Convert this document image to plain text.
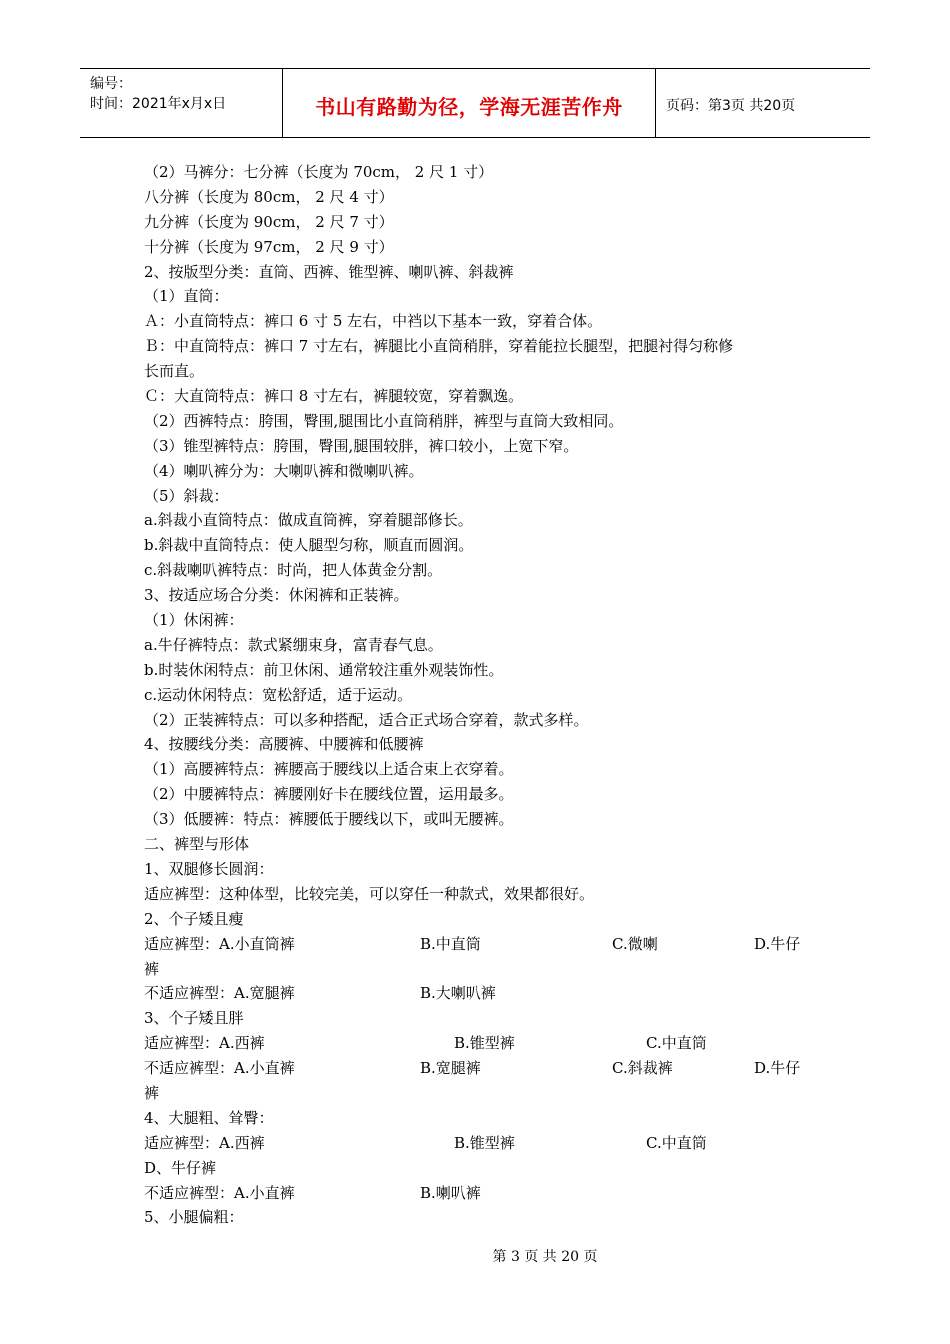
编号：
时间：2021年x月x日	书山有路勤为径，学海无涯苦作舟	页码：第3页 共20页
（2）马裤分：七分裤（长度为 70cm， 2 尺 1 寸）
八分裤（长度为 80cm， 2 尺 4 寸）
九分裤（长度为 90cm， 2 尺 7 寸）
十分裤（长度为 97cm， 2 尺 9 寸）
2、按版型分类：直筒、西裤、锥型裤、喇叭裤、斜裁裤
（1）直筒：
Ａ：小直筒特点：裤口 6 寸 5 左右，中裆以下基本一致，穿着合体。
Ｂ：中直筒特点：裤口 7 寸左右，裤腿比小直筒稍胖，穿着能拉长腿型，把腿衬得匀称修
长而直。
Ｃ：大直筒特点：裤口 8 寸左右，裤腿较宽，穿着飘逸。
（2）西裤特点：胯围，臀围,腿围比小直筒稍胖，裤型与直筒大致相同。
（3）锥型裤特点：胯围，臀围,腿围较胖，裤口较小，上宽下窄。
（4）喇叭裤分为：大喇叭裤和微喇叭裤。
（5）斜裁：
a.斜裁小直筒特点：做成直筒裤，穿着腿部修长。
b.斜裁中直筒特点：使人腿型匀称，顺直而圆润。
c.斜裁喇叭裤特点：时尚，把人体黄金分割。
3、按适应场合分类：休闲裤和正装裤。
（1）休闲裤：
a.牛仔裤特点：款式紧绷束身，富青春气息。
b.时装休闲特点：前卫休闲、通常较注重外观装饰性。
c.运动休闲特点：宽松舒适，适于运动。
（2）正装裤特点：可以多种搭配，适合正式场合穿着，款式多样。
4、按腰线分类：高腰裤、中腰裤和低腰裤
（1）高腰裤特点：裤腰高于腰线以上适合束上衣穿着。
（2）中腰裤特点：裤腰刚好卡在腰线位置，运用最多。
（3）低腰裤：特点：裤腰低于腰线以下，或叫无腰裤。
二、裤型与形体
1、双腿修长圆润：
适应裤型：这种体型，比较完美，可以穿任一种款式，效果都很好。
2、个子矮且瘦
适应裤型：A.小直筒裤	B.中直筒	C.微喇	D.牛仔
裤
不适应裤型：A.宽腿裤	B.大喇叭裤
3、个子矮且胖
适应裤型：A.西裤	B.锥型裤	C.中直筒
不适应裤型：A.小直裤	B.宽腿裤	C.斜裁裤	D.牛仔
裤
4、大腿粗、耸臀：
适应裤型：A.西裤	B.锥型裤	C.中直筒
D、牛仔裤
不适应裤型：A.小直裤	B.喇叭裤
5、小腿偏粗：
第 3 页 共 20 页
